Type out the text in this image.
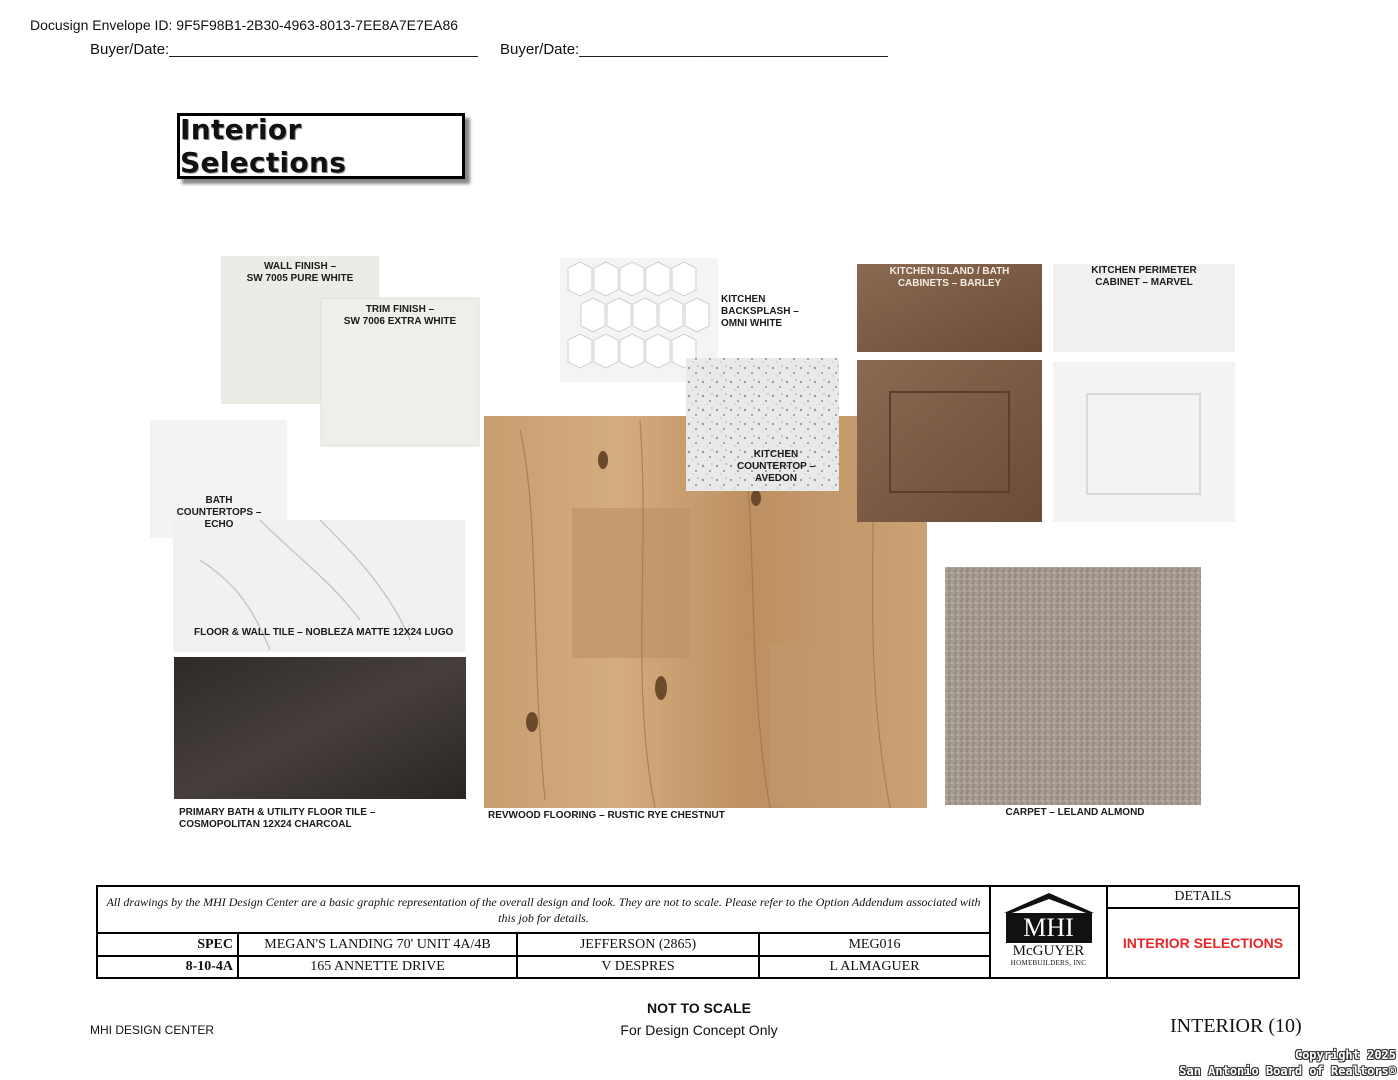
Docusign Envelope ID: 9F5F98B1-2B30-4963-8013-7EE8A7E7EA86
Buyer/Date:_____________________________________ Buyer/Date:_____________________________________
Interior Selections
WALL FINISH –
SW 7005 PURE WHITE
TRIM FINISH –
SW 7006 EXTRA WHITE
KITCHEN
BACKSPLASH –
OMNI WHITE
KITCHEN ISLAND / BATH
CABINETS – BARLEY
KITCHEN PERIMETER
CABINET – MARVEL
KITCHEN
COUNTERTOP –
AVEDON
BATH
COUNTERTOPS –
ECHO
FLOOR & WALL TILE – NOBLEZA MATTE 12X24 LUGO
PRIMARY BATH & UTILITY FLOOR TILE –
COSMOPOLITAN 12X24 CHARCOAL
REVWOOD FLOORING – RUSTIC RYE CHESTNUT	CARPET – LELAND ALMOND
All drawings by the MHI Design Center are a basic graphic representation of the overall design and look. They are not to scale. Please refer to the Option Addendum associated with this job for details.
SPEC	MEGAN'S LANDING 70' UNIT 4A/4B	JEFFERSON (2865)	MEG016
8-10-4A	165 ANNETTE DRIVE	V DESPRES	L ALMAGUER
MHI
McGUYER
HOMEBUILDERS, INC
DETAILS
INTERIOR SELECTIONS
MHI DESIGN CENTER
NOT TO SCALE
For Design Concept Only	INTERIOR (10)
Copyright 2025
San Antonio Board of Realtors®
